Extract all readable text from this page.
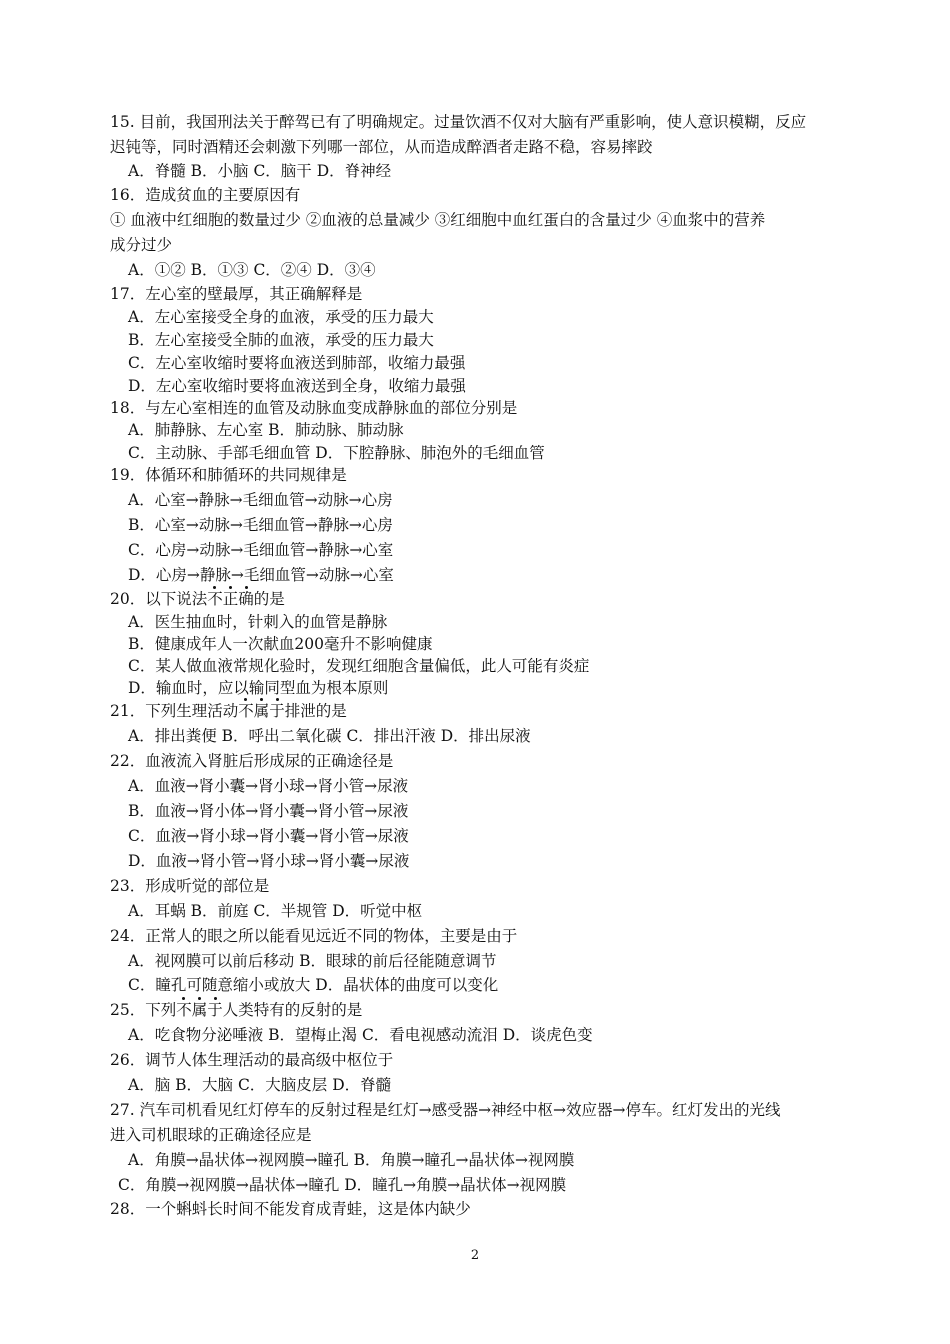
15. 目前，我国刑法关于醉驾已有了明确规定。过量饮酒不仅对大脑有严重影响，使人意识模糊，反应
迟钝等，同时酒精还会刺激下列哪一部位，从而造成醉酒者走路不稳，容易摔跤
A．脊髓 B．小脑 C．脑干 D．脊神经
16．造成贫血的主要原因有
① 血液中红细胞的数量过少 ②血液的总量减少 ③红细胞中血红蛋白的含量过少 ④血浆中的营养
成分过少
A．①② B．①③ C．②④ D．③④
17．左心室的壁最厚，其正确解释是
A．左心室接受全身的血液，承受的压力最大
B．左心室接受全肺的血液，承受的压力最大
C．左心室收缩时要将血液送到肺部，收缩力最强
D．左心室收缩时要将血液送到全身，收缩力最强
18．与左心室相连的血管及动脉血变成静脉血的部位分别是
A．肺静脉、左心室 B．肺动脉、肺动脉
C．主动脉、手部毛细血管 D．下腔静脉、肺泡外的毛细血管
19．体循环和肺循环的共同规律是
A．心室→静脉→毛细血管→动脉→心房
B．心室→动脉→毛细血管→静脉→心房
C．心房→动脉→毛细血管→静脉→心室
D．心房→静脉→毛细血管→动脉→心室
20．以下说法不正确的是
A．医生抽血时，针刺入的血管是静脉
B．健康成年人一次献血200毫升不影响健康
C．某人做血液常规化验时，发现红细胞含量偏低，此人可能有炎症
D．输血时，应以输同型血为根本原则
21．下列生理活动不属于排泄的是
A．排出粪便 B．呼出二氧化碳 C．排出汗液 D．排出尿液
22．血液流入肾脏后形成尿的正确途径是
A．血液→肾小囊→肾小球→肾小管→尿液
B．血液→肾小体→肾小囊→肾小管→尿液
C．血液→肾小球→肾小囊→肾小管→尿液
D．血液→肾小管→肾小球→肾小囊→尿液
23．形成听觉的部位是
A．耳蜗 B．前庭 C．半规管 D．听觉中枢
24．正常人的眼之所以能看见远近不同的物体，主要是由于
A．视网膜可以前后移动 B．眼球的前后径能随意调节
C．瞳孔可随意缩小或放大 D．晶状体的曲度可以变化
25．下列不属于人类特有的反射的是
A．吃食物分泌唾液 B．望梅止渴 C．看电视感动流泪 D．谈虎色变
26．调节人体生理活动的最高级中枢位于
A．脑 B．大脑 C．大脑皮层 D．脊髓
27. 汽车司机看见红灯停车的反射过程是红灯→感受器→神经中枢→效应器→停车。红灯发出的光线
进入司机眼球的正确途径应是
A．角膜→晶状体→视网膜→瞳孔 B．角膜→瞳孔→晶状体→视网膜
C．角膜→视网膜→晶状体→瞳孔 D．瞳孔→角膜→晶状体→视网膜
28．一个蝌蚪长时间不能发育成青蛙，这是体内缺少
2
